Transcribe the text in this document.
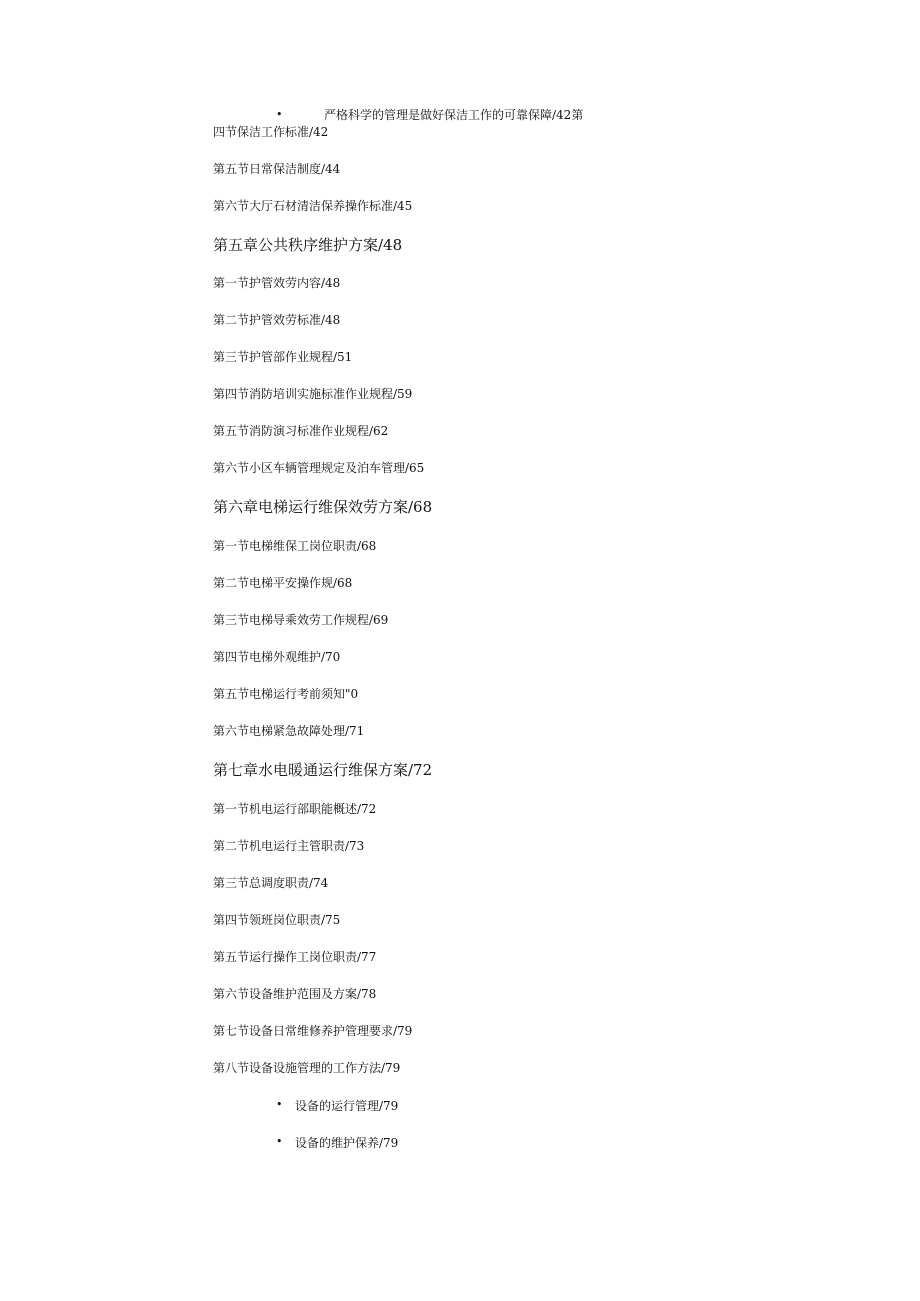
•	严格科学的管理是做好保洁工作的可靠保障/42第
四节保洁工作标准/42
第五节日常保洁制度/44
第六节大厅石材清洁保养操作标准/45
第五章公共秩序维护方案/48
第一节护管效劳内容/48
第二节护管效劳标准/48
第三节护管部作业规程/51
第四节消防培训实施标准作业规程/59
第五节消防演习标准作业规程/62
第六节小区车辆管理规定及泊车管理/65
第六章电梯运行维保效劳方案/68
第一节电梯维保工岗位职责/68
第二节电梯平安操作规/68
第三节电梯导乘效劳工作规程/69
第四节电梯外观维护/70
第五节电梯运行考前须知"0
第六节电梯紧急故障处理/71
第七章水电暖通运行维保方案/72
第一节机电运行部职能概述/72
第二节机电运行主管职责/73
第三节总调度职责/74
第四节领班岗位职责/75
第五节运行操作工岗位职责/77
第六节设备维护范围及方案/78
第七节设备日常维修养护管理要求/79
第八节设备设施管理的工作方法/79
• 设备的运行管理/79
• 设备的维护保养/79
